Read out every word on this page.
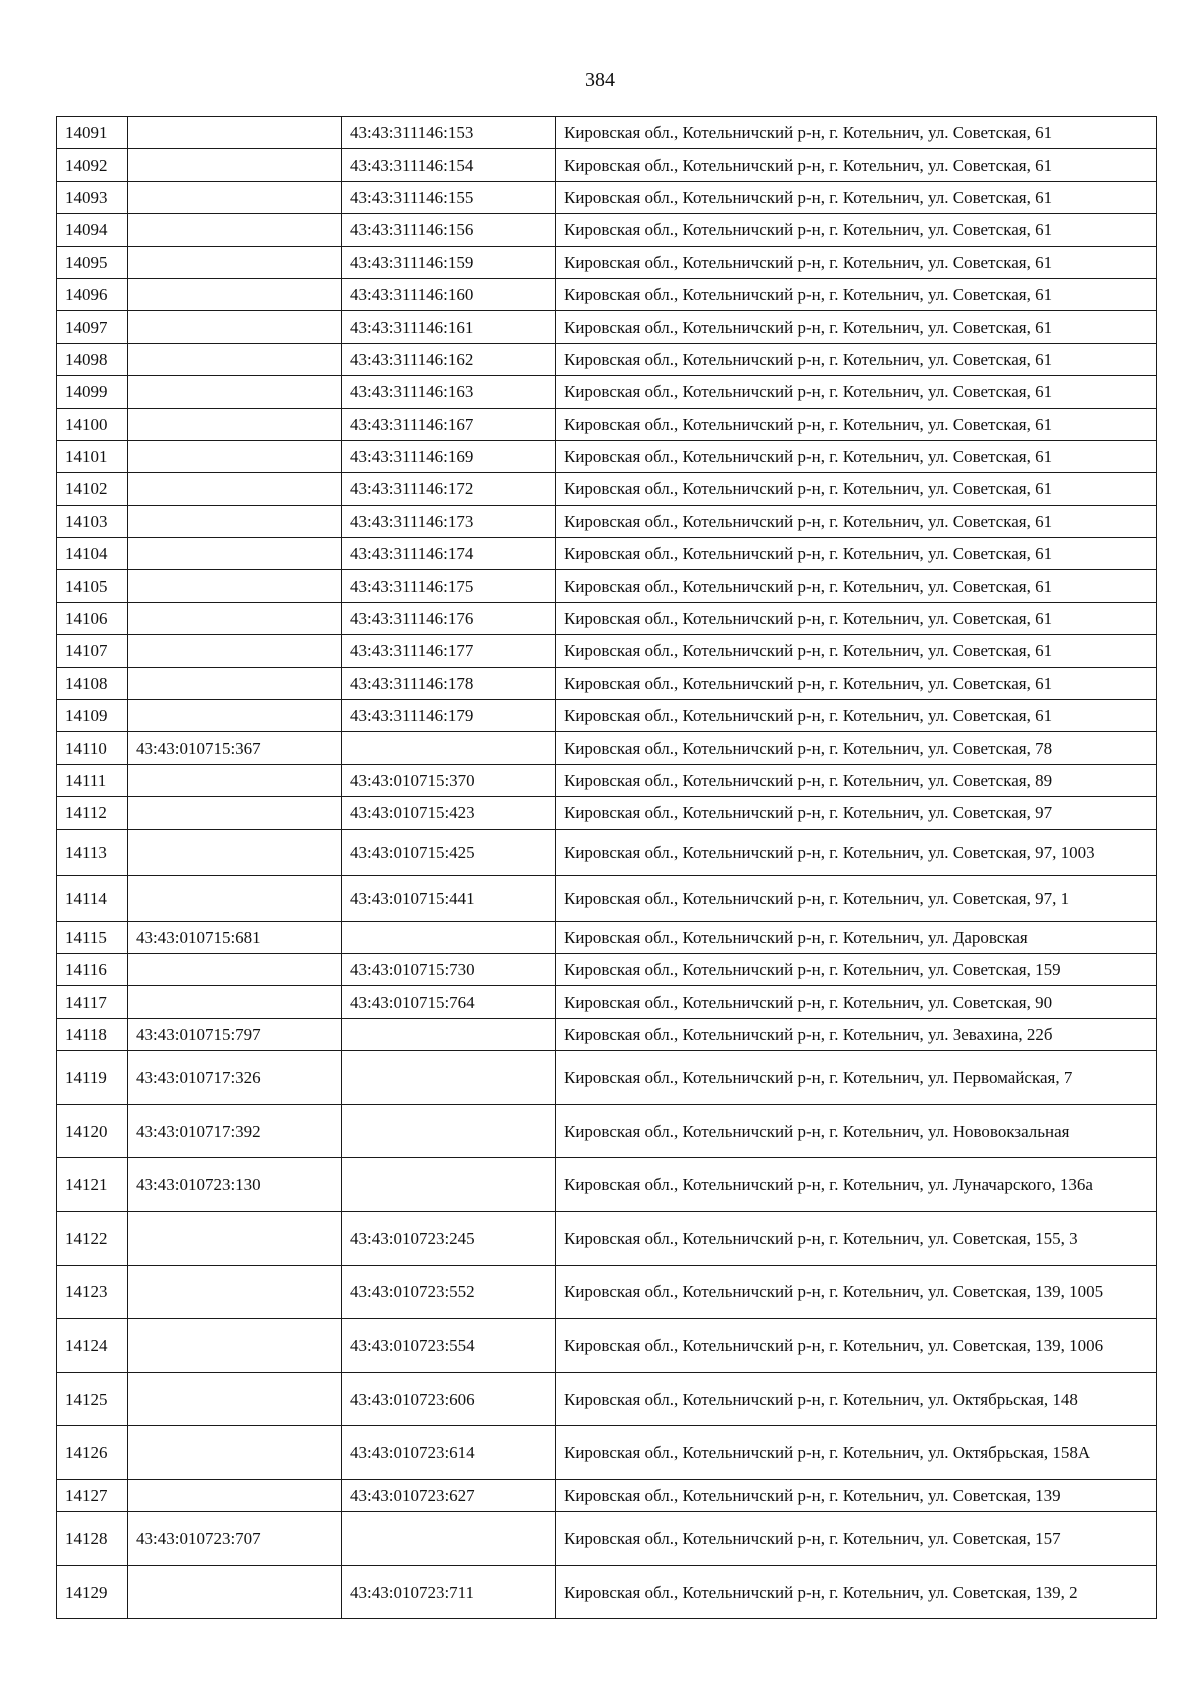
384
14091		43:43:311146:153	Кировская обл., Котельничский р-н, г. Котельнич, ул. Советская, 61
14092		43:43:311146:154	Кировская обл., Котельничский р-н, г. Котельнич, ул. Советская, 61
14093		43:43:311146:155	Кировская обл., Котельничский р-н, г. Котельнич, ул. Советская, 61
14094		43:43:311146:156	Кировская обл., Котельничский р-н, г. Котельнич, ул. Советская, 61
14095		43:43:311146:159	Кировская обл., Котельничский р-н, г. Котельнич, ул. Советская, 61
14096		43:43:311146:160	Кировская обл., Котельничский р-н, г. Котельнич, ул. Советская, 61
14097		43:43:311146:161	Кировская обл., Котельничский р-н, г. Котельнич, ул. Советская, 61
14098		43:43:311146:162	Кировская обл., Котельничский р-н, г. Котельнич, ул. Советская, 61
14099		43:43:311146:163	Кировская обл., Котельничский р-н, г. Котельнич, ул. Советская, 61
14100		43:43:311146:167	Кировская обл., Котельничский р-н, г. Котельнич, ул. Советская, 61
14101		43:43:311146:169	Кировская обл., Котельничский р-н, г. Котельнич, ул. Советская, 61
14102		43:43:311146:172	Кировская обл., Котельничский р-н, г. Котельнич, ул. Советская, 61
14103		43:43:311146:173	Кировская обл., Котельничский р-н, г. Котельнич, ул. Советская, 61
14104		43:43:311146:174	Кировская обл., Котельничский р-н, г. Котельнич, ул. Советская, 61
14105		43:43:311146:175	Кировская обл., Котельничский р-н, г. Котельнич, ул. Советская, 61
14106		43:43:311146:176	Кировская обл., Котельничский р-н, г. Котельнич, ул. Советская, 61
14107		43:43:311146:177	Кировская обл., Котельничский р-н, г. Котельнич, ул. Советская, 61
14108		43:43:311146:178	Кировская обл., Котельничский р-н, г. Котельнич, ул. Советская, 61
14109		43:43:311146:179	Кировская обл., Котельничский р-н, г. Котельнич, ул. Советская, 61
14110	43:43:010715:367		Кировская обл., Котельничский р-н, г. Котельнич, ул. Советская, 78
14111		43:43:010715:370	Кировская обл., Котельничский р-н, г. Котельнич, ул. Советская, 89
14112		43:43:010715:423	Кировская обл., Котельничский р-н, г. Котельнич, ул. Советская, 97
14113		43:43:010715:425	Кировская обл., Котельничский р-н, г. Котельнич, ул. Советская, 97, 1003
14114		43:43:010715:441	Кировская обл., Котельничский р-н, г. Котельнич, ул. Советская, 97, 1
14115	43:43:010715:681		Кировская обл., Котельничский р-н, г. Котельнич, ул. Даровская
14116		43:43:010715:730	Кировская обл., Котельничский р-н, г. Котельнич, ул. Советская, 159
14117		43:43:010715:764	Кировская обл., Котельничский р-н, г. Котельнич, ул. Советская, 90
14118	43:43:010715:797		Кировская обл., Котельничский р-н, г. Котельнич, ул. Зевахина, 22б
14119	43:43:010717:326		Кировская обл., Котельничский р-н, г. Котельнич, ул. Первомайская, 7
14120	43:43:010717:392		Кировская обл., Котельничский р-н, г. Котельнич, ул. Нововокзальная
14121	43:43:010723:130		Кировская обл., Котельничский р-н, г. Котельнич, ул. Луначарского, 136а
14122		43:43:010723:245	Кировская обл., Котельничский р-н, г. Котельнич, ул. Советская, 155, 3
14123		43:43:010723:552	Кировская обл., Котельничский р-н, г. Котельнич, ул. Советская, 139, 1005
14124		43:43:010723:554	Кировская обл., Котельничский р-н, г. Котельнич, ул. Советская, 139, 1006
14125		43:43:010723:606	Кировская обл., Котельничский р-н, г. Котельнич, ул. Октябрьская, 148
14126		43:43:010723:614	Кировская обл., Котельничский р-н, г. Котельнич, ул. Октябрьская, 158А
14127		43:43:010723:627	Кировская обл., Котельничский р-н, г. Котельнич, ул. Советская, 139
14128	43:43:010723:707		Кировская обл., Котельничский р-н, г. Котельнич, ул. Советская, 157
14129		43:43:010723:711	Кировская обл., Котельничский р-н, г. Котельнич, ул. Советская, 139, 2
